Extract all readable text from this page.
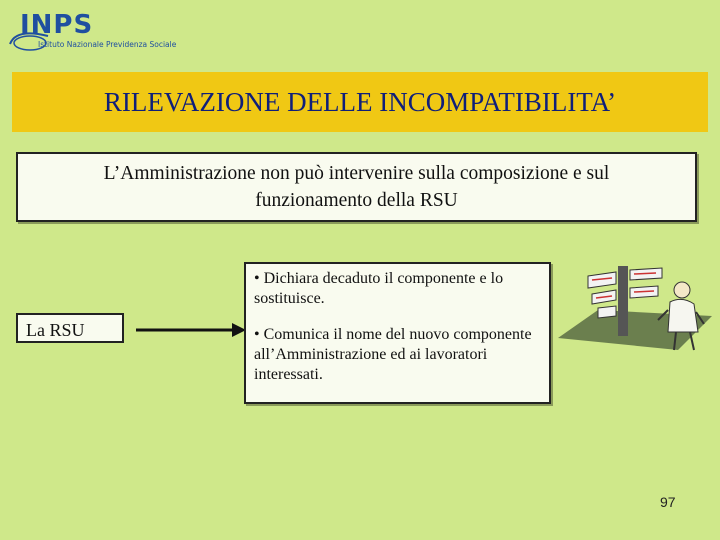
INPS
Istituto Nazionale Previdenza Sociale
RILEVAZIONE DELLE INCOMPATIBILITA’
L’Amministrazione non può intervenire sulla composizione e sul
funzionamento della RSU
La RSU

• Dichiara decaduto il componente e lo sostituisce.

• Comunica il nome del nuovo componente all’Amministrazione ed ai lavoratori interessati.

97
